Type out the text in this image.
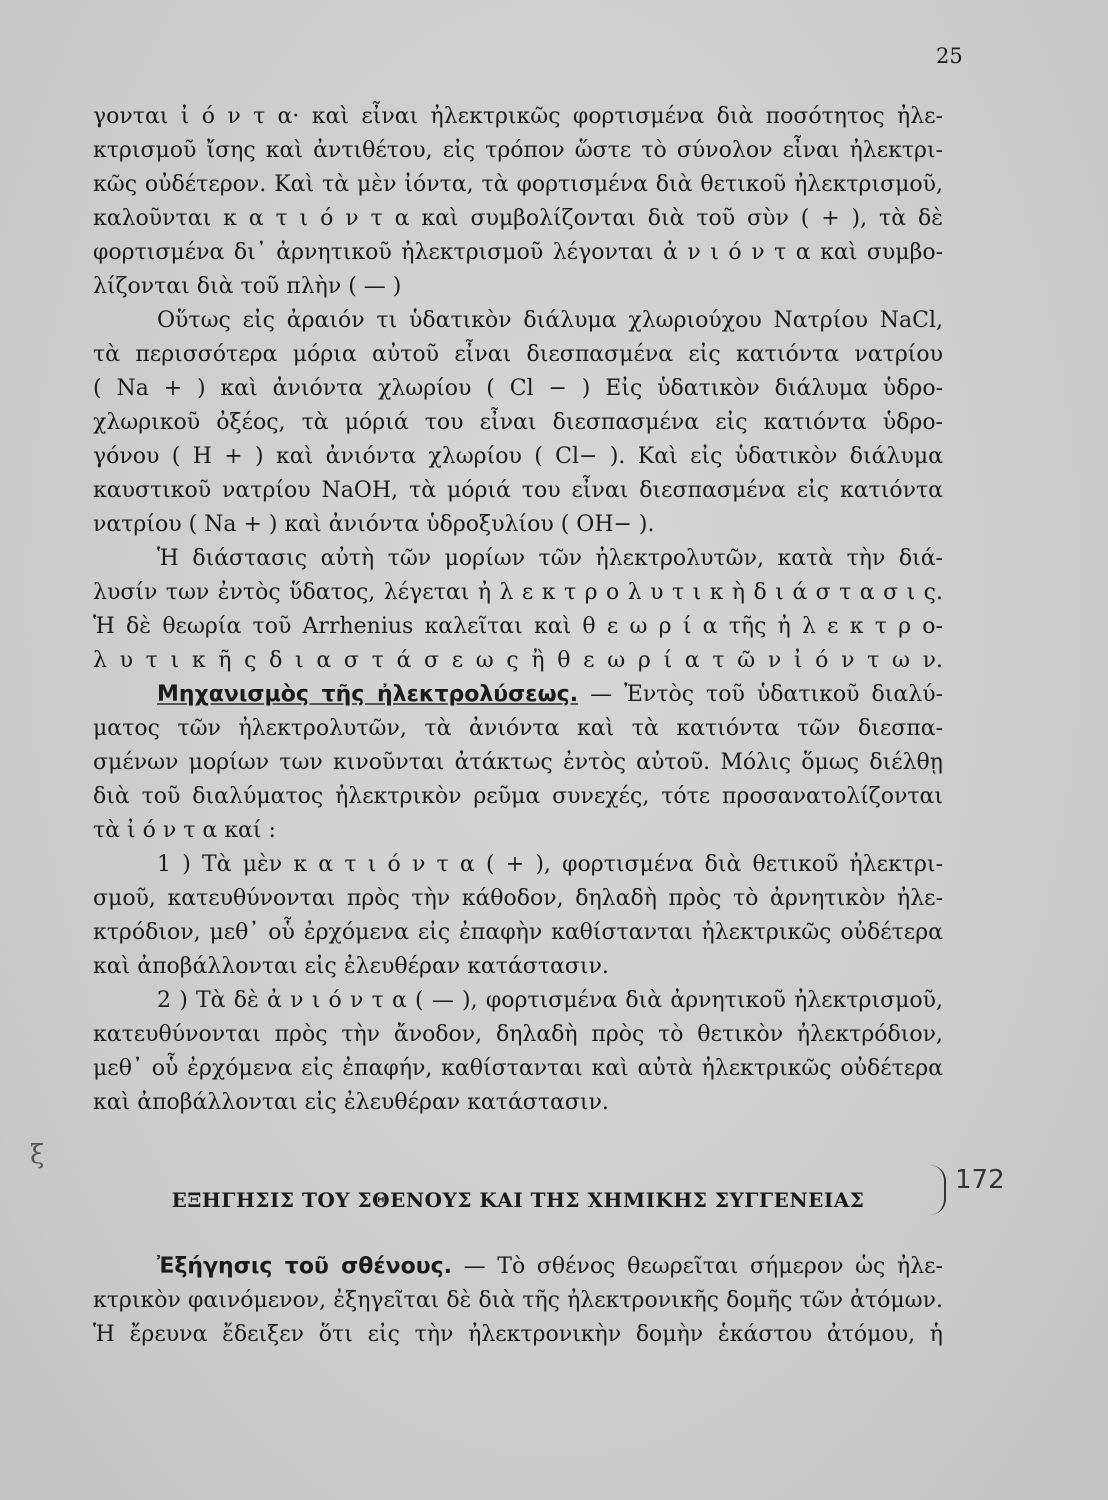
25
ξ
γονται ἰ ό ν τ α· καὶ εἶναι ἠλεκτρικῶς φορτισμένα διὰ ποσότητος ἠλε-
κτρισμοῦ ἴσης καὶ ἀντιθέτου, εἰς τρόπον ὥστε τὸ σύνολον εἶναι ἠλεκτρι-
κῶς οὐδέτερον. Καὶ τὰ μὲν ἰόντα, τὰ φορτισμένα διὰ θετικοῦ ἠλεκτρισμοῦ,
καλοῦνται κ α τ ι ό ν τ α καὶ συμβολίζονται διὰ τοῦ σὺν ( + ), τὰ δὲ
φορτισμένα δι᾽ ἀρνητικοῦ ἠλεκτρισμοῦ λέγονται ἀ ν ι ό ν τ α καὶ συμβο-
λίζονται διὰ τοῦ πλὴν ( — )
Οὕτως εἰς ἀραιόν τι ὑδατικὸν διάλυμα χλωριούχου Νατρίου NaCl,
τὰ περισσότερα μόρια αὐτοῦ εἶναι διεσπασμένα εἰς κατιόντα νατρίου
( Na + ) καὶ ἀνιόντα χλωρίου ( Cl − ) Εἰς ὑδατικὸν διάλυμα ὑδρο-
χλωρικοῦ ὀξέος, τὰ μόριά του εἶναι διεσπασμένα εἰς κατιόντα ὑδρο-
γόνου ( H + ) καὶ ἀνιόντα χλωρίου ( Cl− ). Καὶ εἰς ὑδατικὸν διάλυμα
καυστικοῦ νατρίου NaOH, τὰ μόριά του εἶναι διεσπασμένα εἰς κατιόντα
νατρίου ( Na + ) καὶ ἀνιόντα ὑδροξυλίου ( OH− ).
Ἡ διάστασις αὐτὴ τῶν μορίων τῶν ἠλεκτρολυτῶν, κατὰ τὴν διά-
λυσίν των ἐντὸς ὕδατος, λέγεται ἠ λ ε κ τ ρ ο λ υ τ ι κ ὴ δ ι ά σ τ α σ ι ς.
Ἡ δὲ θεωρία τοῦ Arrhenius καλεῖται καὶ θ ε ω ρ ί α τῆς ἠ λ ε κ τ ρ ο-
λ υ τ ι κ ῆ ς δ ι α σ τ ά σ ε ω ς ἢ θ ε ω ρ ί α τ ῶ ν ἰ ό ν τ ω ν.
Μηχανισμὸς τῆς ἠλεκτρολύσεως. — Ἐντὸς τοῦ ὑδατικοῦ διαλύ-
ματος τῶν ἠλεκτρολυτῶν, τὰ ἀνιόντα καὶ τὰ κατιόντα τῶν διεσπα-
σμένων μορίων των κινοῦνται ἀτάκτως ἐντὸς αὐτοῦ. Μόλις ὅμως διέλθῃ
διὰ τοῦ διαλύματος ἠλεκτρικὸν ρεῦμα συνεχές, τότε προσανατολίζονται
τὰ ἰ ό ν τ α καί :
1 ) Τὰ μὲν κ α τ ι ό ν τ α ( + ), φορτισμένα διὰ θετικοῦ ἠλεκτρι-
σμοῦ, κατευθύνονται πρὸς τὴν κάθοδον, δηλαδὴ πρὸς τὸ ἀρνητικὸν ἠλε-
κτρόδιον, μεθ᾽ οὗ ἐρχόμενα εἰς ἐπαφὴν καθίστανται ἠλεκτρικῶς οὐδέτερα
καὶ ἀποβάλλονται εἰς ἐλευθέραν κατάστασιν.
2 ) Τὰ δὲ ἀ ν ι ό ν τ α ( — ), φορτισμένα διὰ ἀρνητικοῦ ἠλεκτρισμοῦ,
κατευθύνονται πρὸς τὴν ἄνοδον, δηλαδὴ πρὸς τὸ θετικὸν ἠλεκτρόδιον,
μεθ᾽ οὗ ἐρχόμενα εἰς ἐπαφήν, καθίστανται καὶ αὐτὰ ἠλεκτρικῶς οὐδέτερα
καὶ ἀποβάλλονται εἰς ἐλευθέραν κατάστασιν.
ΕΞΗΓΗΣΙΣ ΤΟΥ ΣΘΕΝΟΥΣ ΚΑΙ ΤΗΣ ΧΗΜΙΚΗΣ ΣΥΓΓΕΝΕΙΑΣ
Ἐξήγησις τοῦ σθένους. — Τὸ σθένος θεωρεῖται σήμερον ὡς ἠλε-
κτρικὸν φαινόμενον, ἐξηγεῖται δὲ διὰ τῆς ἠλεκτρονικῆς δομῆς τῶν ἀτόμων.
Ἡ ἔρευνα ἔδειξεν ὅτι εἰς τὴν ἠλεκτρονικὴν δομὴν ἑκάστου ἀτόμου, ἡ
172
